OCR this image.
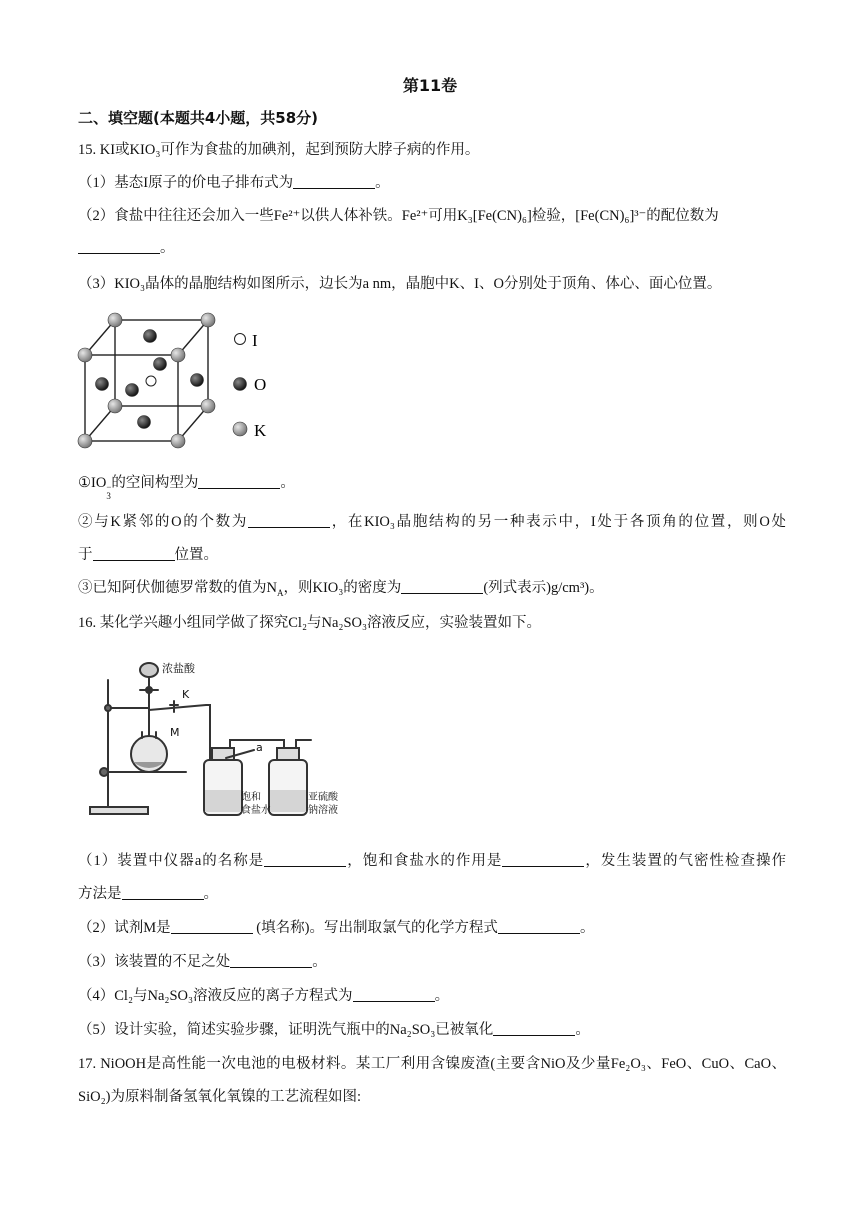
第11卷
二、填空题(本题共4小题，共58分)
15. KI或KIO₃可作为食盐的加碘剂，起到预防大脖子病的作用。
（1）基态I原子的价电子排布式为	。
（2）食盐中往往还会加入一些Fe²⁺以供人体补铁。Fe²⁺可用K₃[Fe(CN)₆]检验，[Fe(CN)₆]³⁻的配位数为
。
（3）KIO₃晶体的晶胞结构如图所示，边长为a nm，晶胞中K、I、O分别处于顶角、体心、面心位置。
I
O
K
①IO −
3
的空间构型为	。
②与K紧邻的O的个数为	，在KIO₃晶胞结构的另一种表示中，I处于各顶角的位置，则O处
于	位置。
③已知阿伏伽德罗常数的值为$N_A$，则KIO₃的密度为	(列式表示)g/cm³)。
16. 某化学兴趣小组同学做了探究Cl₂与Na₂SO₃溶液反应，实验装置如下。
浓盐酸
K
M
a
饱和
食盐水
亚硫酸
钠溶液
（1）装置中仪器a的名称是	，饱和食盐水的作用是	，发生装置的气密性检查操作
方法是	。
（2）试剂M是	(填名称)。写出制取氯气的化学方程式	。
（3）该装置的不足之处	。
（4）Cl₂与Na₂SO₃溶液反应的离子方程式为	。
（5）设计实验，简述实验步骤，证明洗气瓶中的Na₂SO₃已被氧化	。
17. NiOOH是高性能一次电池的电极材料。某工厂利用含镍废渣(主要含NiO及少量Fe₂O₃、FeO、CuO、CaO、
SiO₂)为原料制备氢氧化氧镍的工艺流程如图:
